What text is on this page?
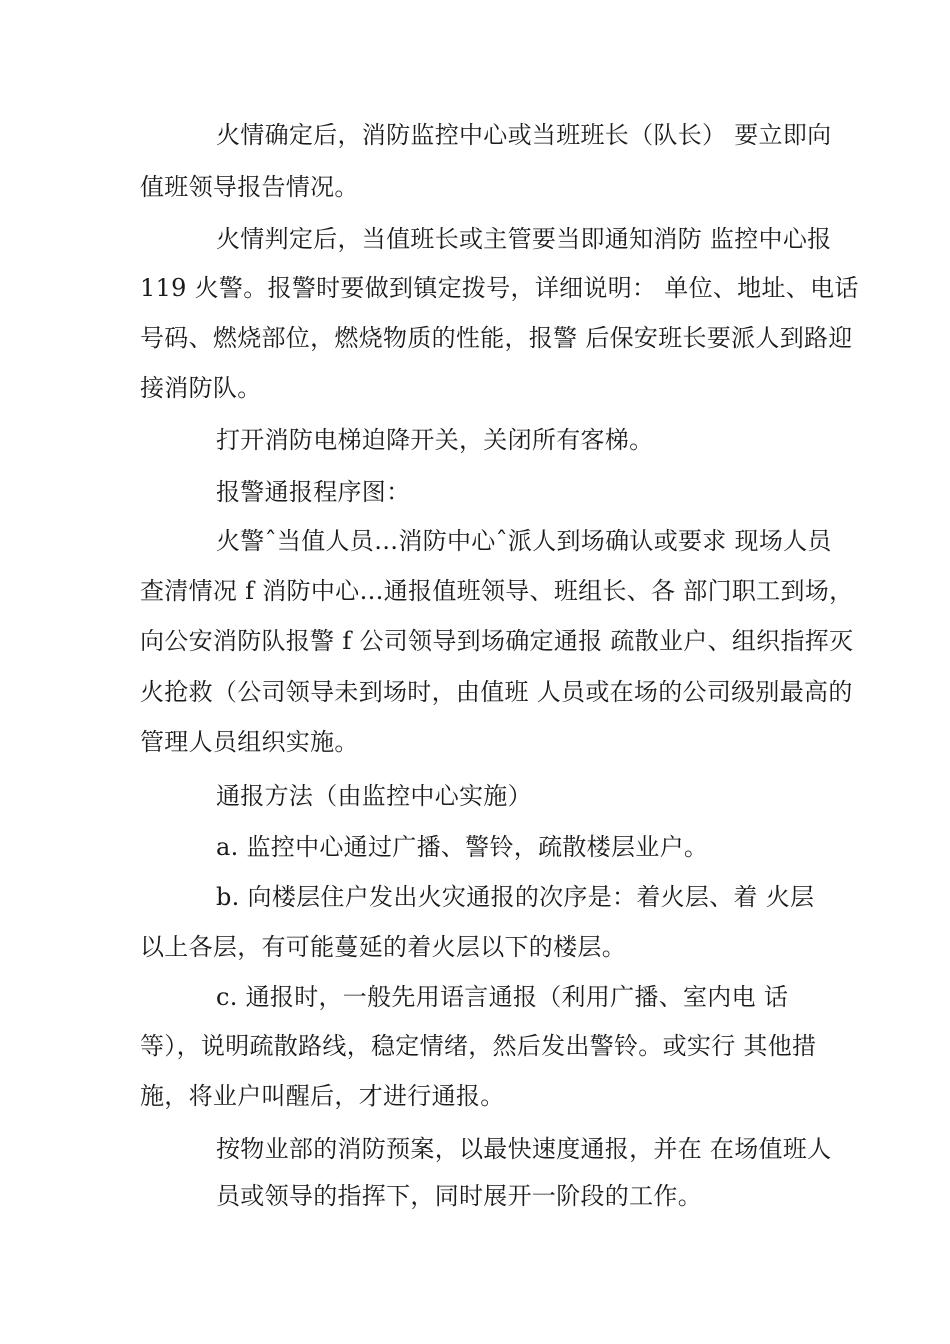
火情确定后，消防监控中心或当班班长（队长） 要立即向
值班领导报告情况。
火情判定后，当值班长或主管要当即通知消防 监控中心报
119 火警。报警时要做到镇定拨号，详细说明： 单位、地址、电话
号码、燃烧部位，燃烧物质的性能，报警 后保安班长要派人到路迎
接消防队。
打开消防电梯迫降开关，关闭所有客梯。
报警通报程序图：
火警ˆ当值人员…消防中心ˆ派人到场确认或要求 现场人员
查清情况 f 消防中心…通报值班领导、班组长、各 部门职工到场，
向公安消防队报警 f 公司领导到场确定通报 疏散业户、组织指挥灭
火抢救（公司领导未到场时，由值班 人员或在场的公司级别最高的
管理人员组织实施。
通报方法（由监控中心实施）
a. 监控中心通过广播、警铃，疏散楼层业户。
b. 向楼层住户发出火灾通报的次序是：着火层、着 火层
以上各层，有可能蔓延的着火层以下的楼层。
c. 通报时，一般先用语言通报（利用广播、室内电 话
等），说明疏散路线，稳定情绪，然后发出警铃。或实行 其他措
施，将业户叫醒后，才进行通报。
按物业部的消防预案，以最快速度通报，并在 在场值班人
员或领导的指挥下，同时展开一阶段的工作。
